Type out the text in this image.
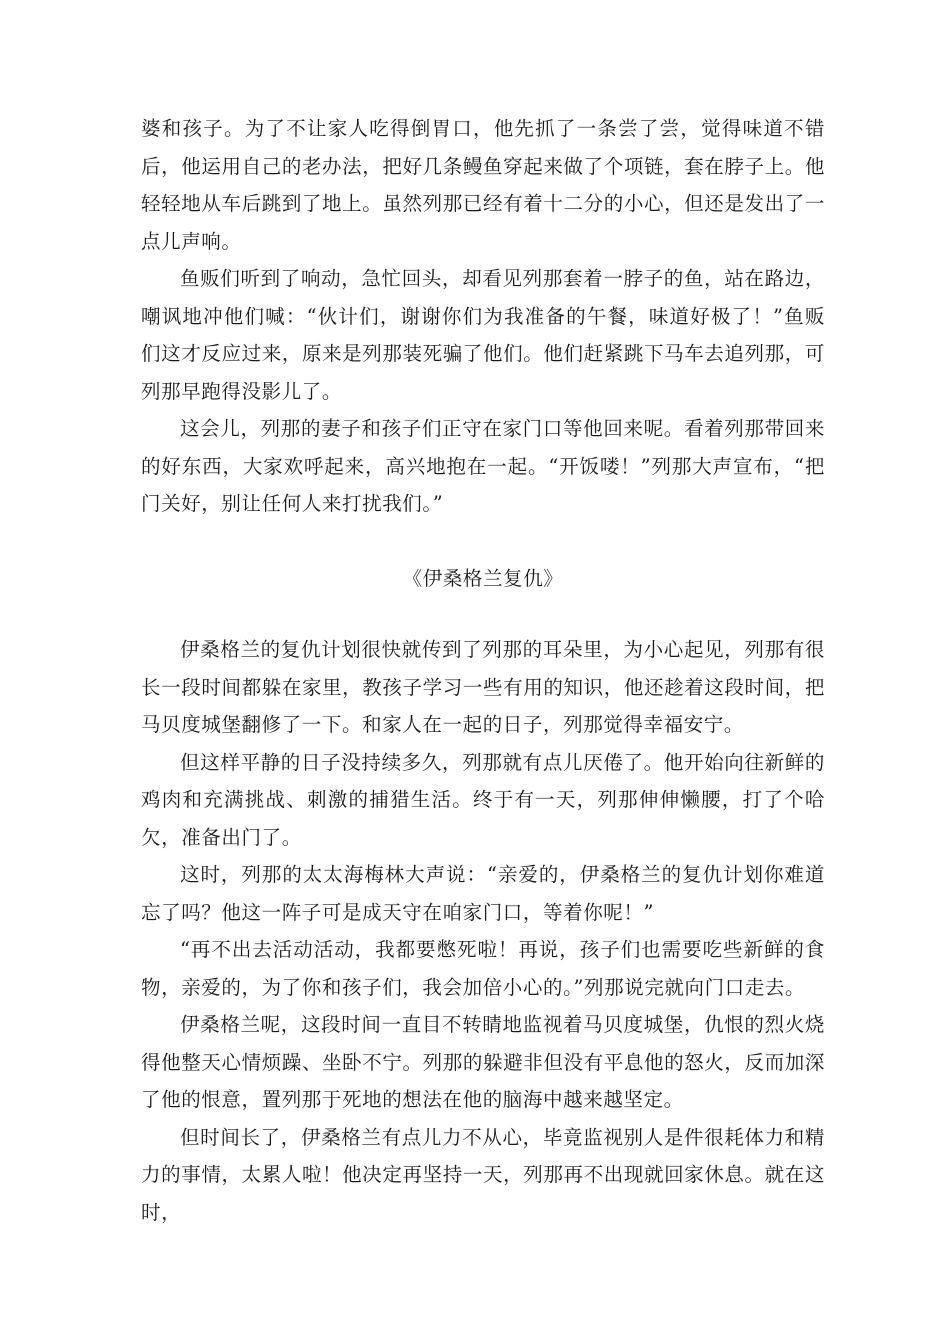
婆和孩子。为了不让家人吃得倒胃口，他先抓了一条尝了尝，觉得味道不错后，他运用自己的老办法，把好几条鳗鱼穿起来做了个项链，套在脖子上。他轻轻地从车后跳到了地上。虽然列那已经有着十二分的小心，但还是发出了一点儿声响。

鱼贩们听到了响动，急忙回头，却看见列那套着一脖子的鱼，站在路边，嘲讽地冲他们喊：“伙计们，谢谢你们为我准备的午餐，味道好极了！”鱼贩们这才反应过来，原来是列那装死骗了他们。他们赶紧跳下马车去追列那，可列那早跑得没影儿了。

这会儿，列那的妻子和孩子们正守在家门口等他回来呢。看着列那带回来的好东西，大家欢呼起来，高兴地抱在一起。“开饭喽！”列那大声宣布，“把门关好，别让任何人来打扰我们。”

《伊桑格兰复仇》

伊桑格兰的复仇计划很快就传到了列那的耳朵里，为小心起见，列那有很长一段时间都躲在家里，教孩子学习一些有用的知识，他还趁着这段时间，把马贝度城堡翻修了一下。和家人在一起的日子，列那觉得幸福安宁。

但这样平静的日子没持续多久，列那就有点儿厌倦了。他开始向往新鲜的鸡肉和充满挑战、刺激的捕猎生活。终于有一天，列那伸伸懒腰，打了个哈欠，准备出门了。

这时，列那的太太海梅林大声说：“亲爱的，伊桑格兰的复仇计划你难道忘了吗？他这一阵子可是成天守在咱家门口，等着你呢！”

“再不出去活动活动，我都要憋死啦！再说，孩子们也需要吃些新鲜的食物，亲爱的，为了你和孩子们，我会加倍小心的。”列那说完就向门口走去。

伊桑格兰呢，这段时间一直目不转睛地监视着马贝度城堡，仇恨的烈火烧得他整天心情烦躁、坐卧不宁。列那的躲避非但没有平息他的怒火，反而加深了他的恨意，置列那于死地的想法在他的脑海中越来越坚定。

但时间长了，伊桑格兰有点儿力不从心，毕竟监视别人是件很耗体力和精力的事情，太累人啦！他决定再坚持一天，列那再不出现就回家休息。就在这时，
